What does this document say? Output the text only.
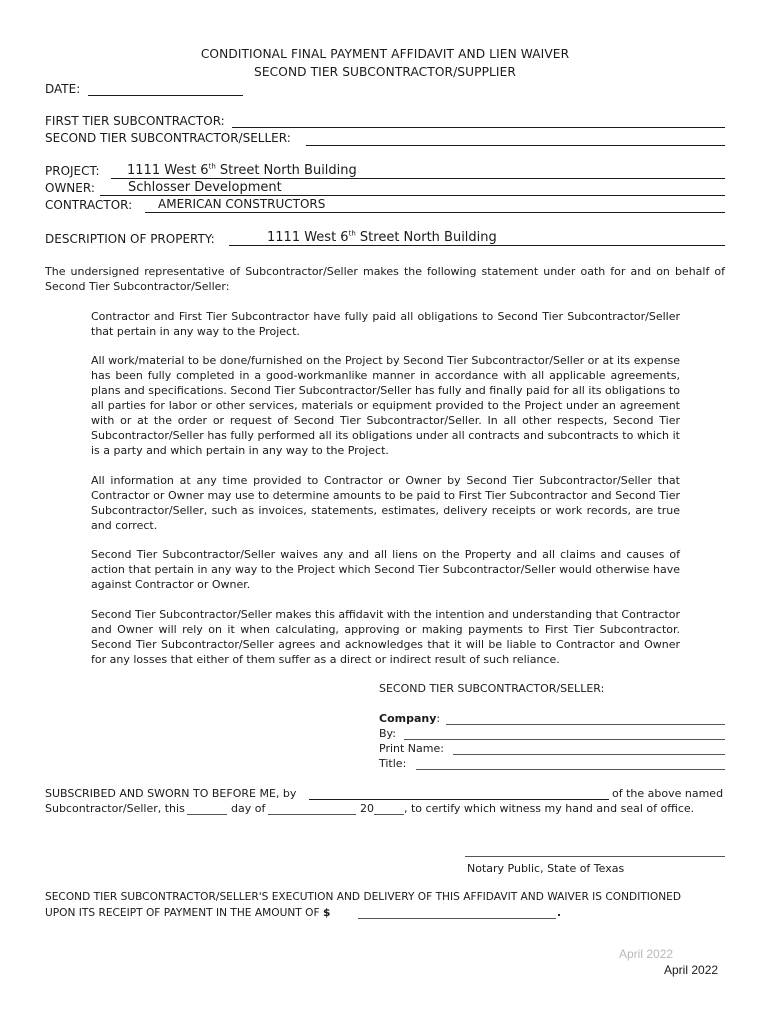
CONDITIONAL FINAL PAYMENT AFFIDAVIT AND LIEN WAIVER
SECOND TIER SUBCONTRACTOR/SUPPLIER
DATE:
FIRST TIER SUBCONTRACTOR:
SECOND TIER SUBCONTRACTOR/SELLER:
PROJECT: 1111 West 6th Street North Building
OWNER:	Schlosser Development
CONTRACTOR: AMERICAN CONSTRUCTORS
DESCRIPTION OF PROPERTY:	1111 West 6th Street North Building
The undersigned representative of Subcontractor/Seller makes the following statement under oath for and on behalf of Second Tier Subcontractor/Seller:
Contractor and First Tier Subcontractor have fully paid all obligations to Second Tier Subcontractor/Seller that pertain in any way to the Project.
All work/material to be done/furnished on the Project by Second Tier Subcontractor/Seller or at its expense has been fully completed in a good-workmanlike manner in accordance with all applicable agreements, plans and specifications. Second Tier Subcontractor/Seller has fully and finally paid for all its obligations to all parties for labor or other services, materials or equipment provided to the Project under an agreement with or at the order or request of Second Tier Subcontractor/Seller. In all other respects, Second Tier Subcontractor/Seller has fully performed all its obligations under all contracts and subcontracts to which it is a party and which pertain in any way to the Project.
All information at any time provided to Contractor or Owner by Second Tier Subcontractor/Seller that Contractor or Owner may use to determine amounts to be paid to First Tier Subcontractor and Second Tier Subcontractor/Seller, such as invoices, statements, estimates, delivery receipts or work records, are true and correct.
Second Tier Subcontractor/Seller waives any and all liens on the Property and all claims and causes of action that pertain in any way to the Project which Second Tier Subcontractor/Seller would otherwise have against Contractor or Owner.
Second Tier Subcontractor/Seller makes this affidavit with the intention and understanding that Contractor and Owner will rely on it when calculating, approving or making payments to First Tier Subcontractor. Second Tier Subcontractor/Seller agrees and acknowledges that it will be liable to Contractor and Owner for any losses that either of them suffer as a direct or indirect result of such reliance.
SECOND TIER SUBCONTRACTOR/SELLER:
Company:
By:
Print Name:
Title:
SUBSCRIBED AND SWORN TO BEFORE ME, by	of the above named
Subcontractor/Seller, this	day of	20	, to certify which witness my hand and seal of office.
Notary Public, State of Texas
SECOND TIER SUBCONTRACTOR/SELLER'S EXECUTION AND DELIVERY OF THIS AFFIDAVIT AND WAIVER IS CONDITIONED
UPON ITS RECEIPT OF PAYMENT IN THE AMOUNT OF $	.
April 2022
April 2022
